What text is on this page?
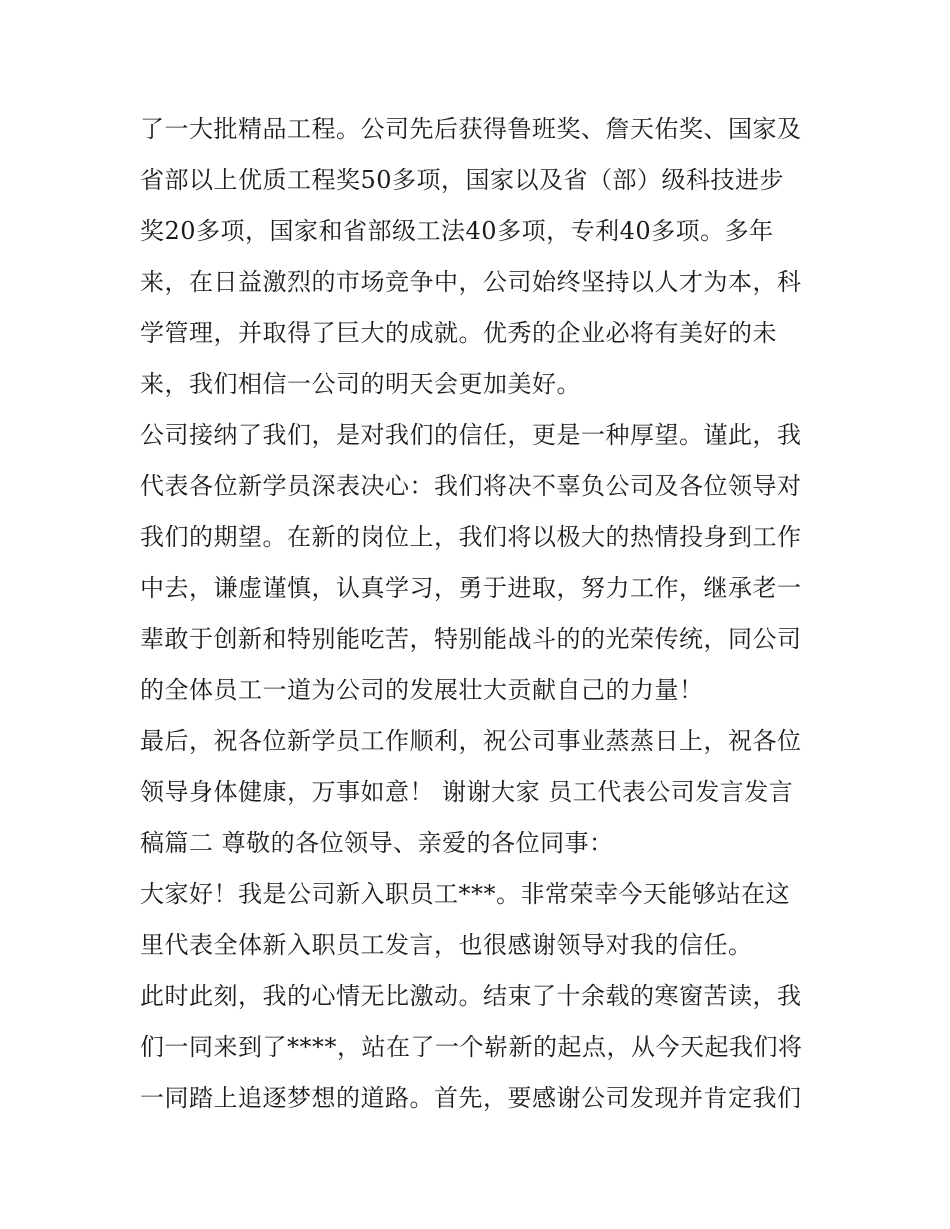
了一大批精品工程。公司先后获得鲁班奖、詹天佑奖、国家及
省部以上优质工程奖50多项，国家以及省（部）级科技进步
奖20多项，国家和省部级工法40多项，专利40多项。多年
来，在日益激烈的市场竞争中，公司始终坚持以人才为本，科
学管理，并取得了巨大的成就。优秀的企业必将有美好的未
来，我们相信一公司的明天会更加美好。
公司接纳了我们，是对我们的信任，更是一种厚望。谨此，我
代表各位新学员深表决心：我们将决不辜负公司及各位领导对
我们的期望。在新的岗位上，我们将以极大的热情投身到工作
中去，谦虚谨慎，认真学习，勇于进取，努力工作，继承老一
辈敢于创新和特别能吃苦，特别能战斗的的光荣传统，同公司
的全体员工一道为公司的发展壮大贡献自己的力量！
最后，祝各位新学员工作顺利，祝公司事业蒸蒸日上，祝各位
领导身体健康，万事如意！ 谢谢大家 员工代表公司发言发言
稿篇二 尊敬的各位领导、亲爱的各位同事：
大家好！我是公司新入职员工***。非常荣幸今天能够站在这
里代表全体新入职员工发言，也很感谢领导对我的信任。
此时此刻，我的心情无比激动。结束了十余载的寒窗苦读，我
们一同来到了****，站在了一个崭新的起点，从今天起我们将
一同踏上追逐梦想的道路。首先，要感谢公司发现并肯定我们
